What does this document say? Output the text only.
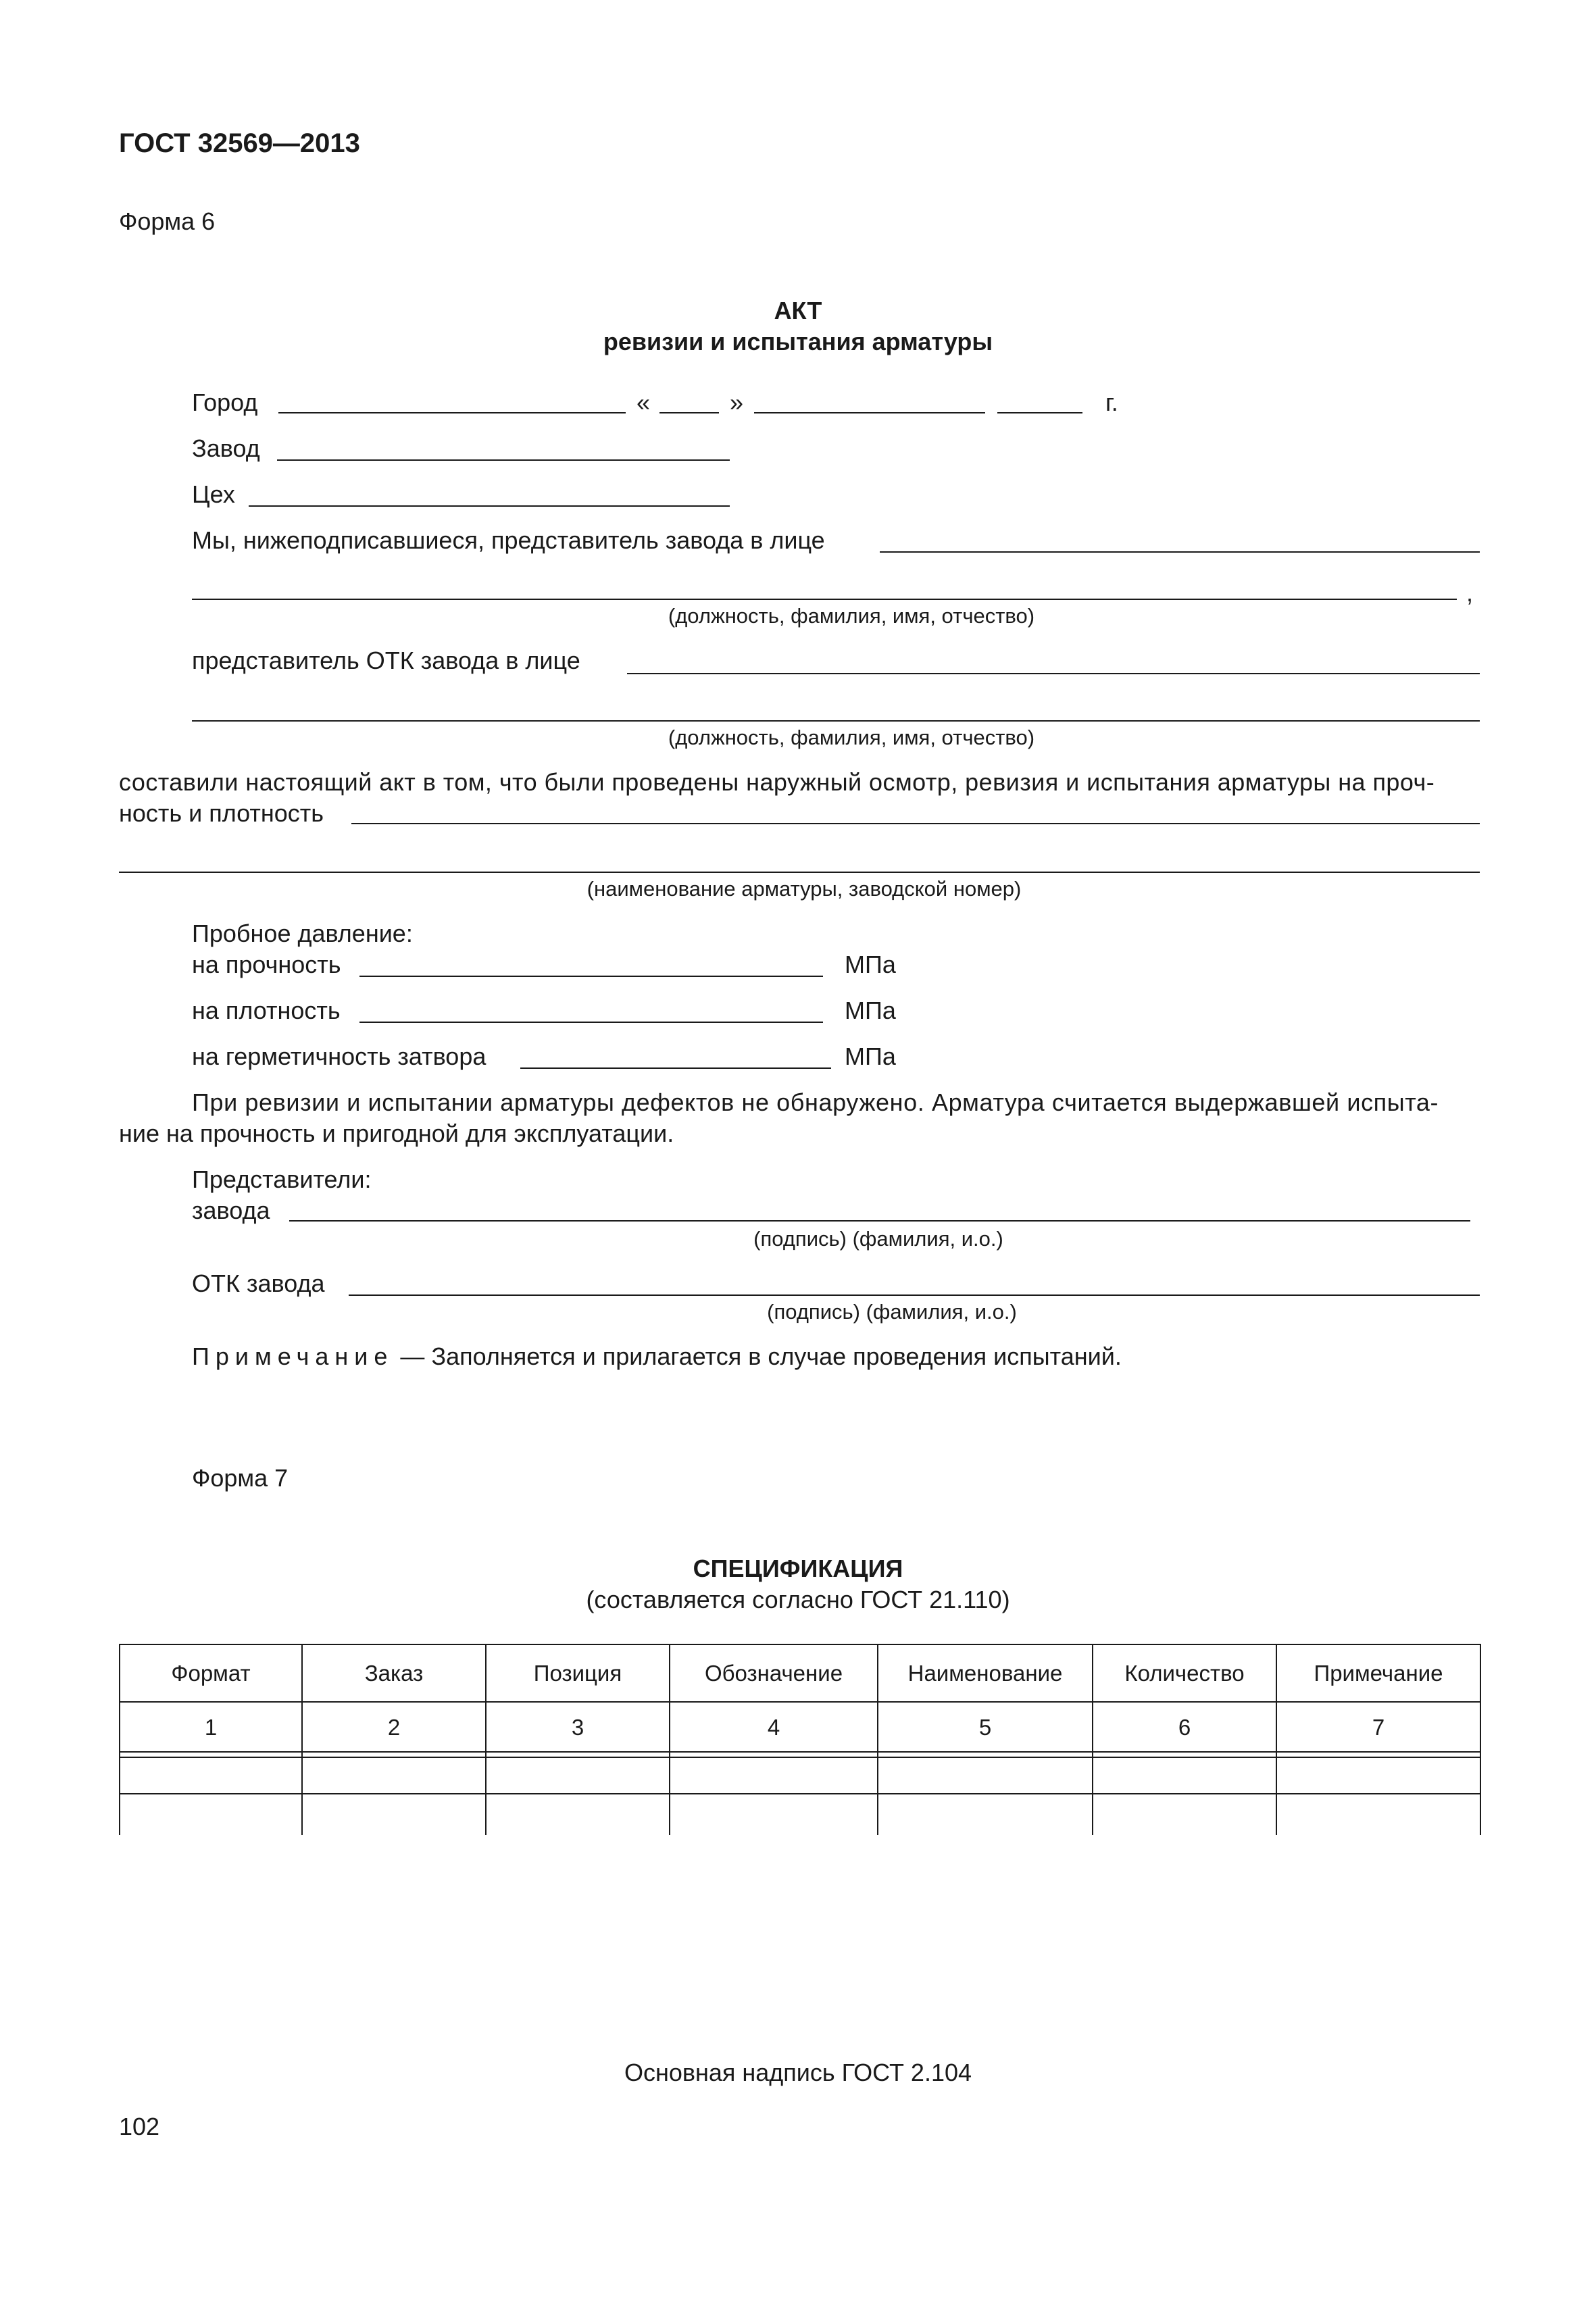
ГОСТ 32569—2013
Форма 6
АКТ
ревизии и испытания арматуры
Город	«	»	г.
Завод
Цех
Мы, нижеподписавшиеся, представитель завода в лице
,
(должность, фамилия, имя, отчество)
представитель ОТК завода в лице
(должность, фамилия, имя, отчество)
составили настоящий акт в том, что были проведены наружный осмотр, ревизия и испытания арматуры на проч-
ность и плотность
(наименование арматуры, заводской номер)
Пробное давление:
на прочность	МПа
на плотность	МПа
на герметичность затвора	МПа
При ревизии и испытании арматуры дефектов не обнаружено. Арматура считается выдержавшей испыта-
ние на прочность и пригодной для эксплуатации.
Представители:
завода
(подпись) (фамилия, и.о.)
ОТК завода
(подпись) (фамилия, и.о.)
Примечание — Заполняется и прилагается в случае проведения испытаний.
Форма 7
СПЕЦИФИКАЦИЯ
(составляется согласно ГОСТ 21.110)
Формат	Заказ	Позиция	Обозначение	Наименование	Количество	Примечание
1	2	3	4	5	6	7

Основная надпись ГОСТ 2.104
102
